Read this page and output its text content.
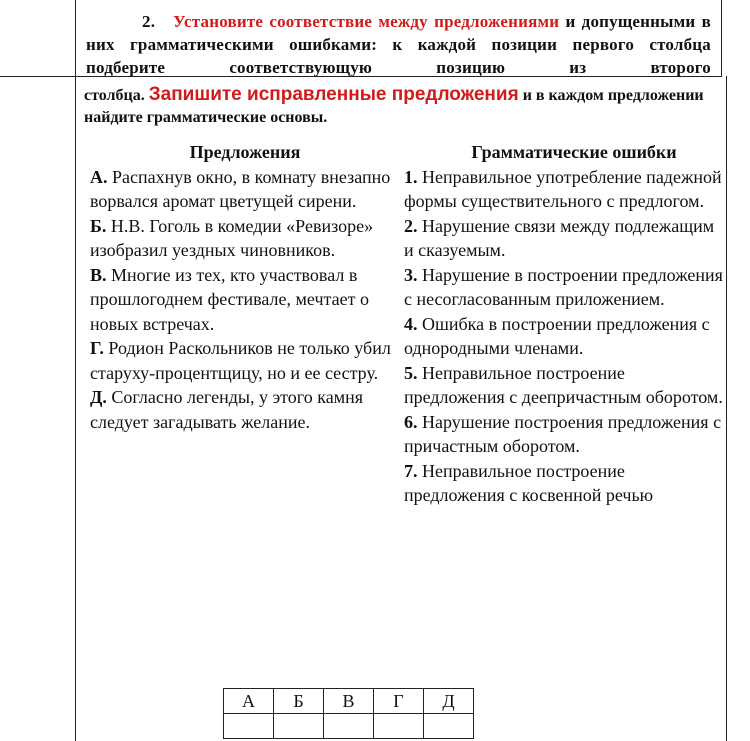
2. Установите соответствие между предложениями и допущенными в них грамматическими ошибками: к каждой позиции первого столбца подберите соответствующую позицию из второго
столбца. Запишите исправленные предложения и в каждом предложении найдите грамматические основы.
Предложения

А. Распахнув окно, в комнату внезапно ворвался аромат цветущей сирени.

Б. Н.В. Гоголь в комедии «Ревизоре» изобразил уездных чиновников.

В. Многие из тех, кто участвовал в прошлогоднем фестивале, мечтает о новых встречах.

Г. Родион Раскольников не только убил старуху-процентщицу, но и ее сестру.

Д. Согласно легенды, у этого камня следует загадывать желание.

Грамматические ошибки

1. Неправильное употребление падежной формы существительного с предлогом.

2. Нарушение связи между подлежащим и сказуемым.

3. Нарушение в построении предложения с несогласованным приложением.

4. Ошибка в построении предложения с однородными членами.

5. Неправильное построение предложения с деепричастным оборотом.

6. Нарушение построения предложения с причастным оборотом.

7. Неправильное построение предложения с косвенной речью

А	Б	В	Г	Д
